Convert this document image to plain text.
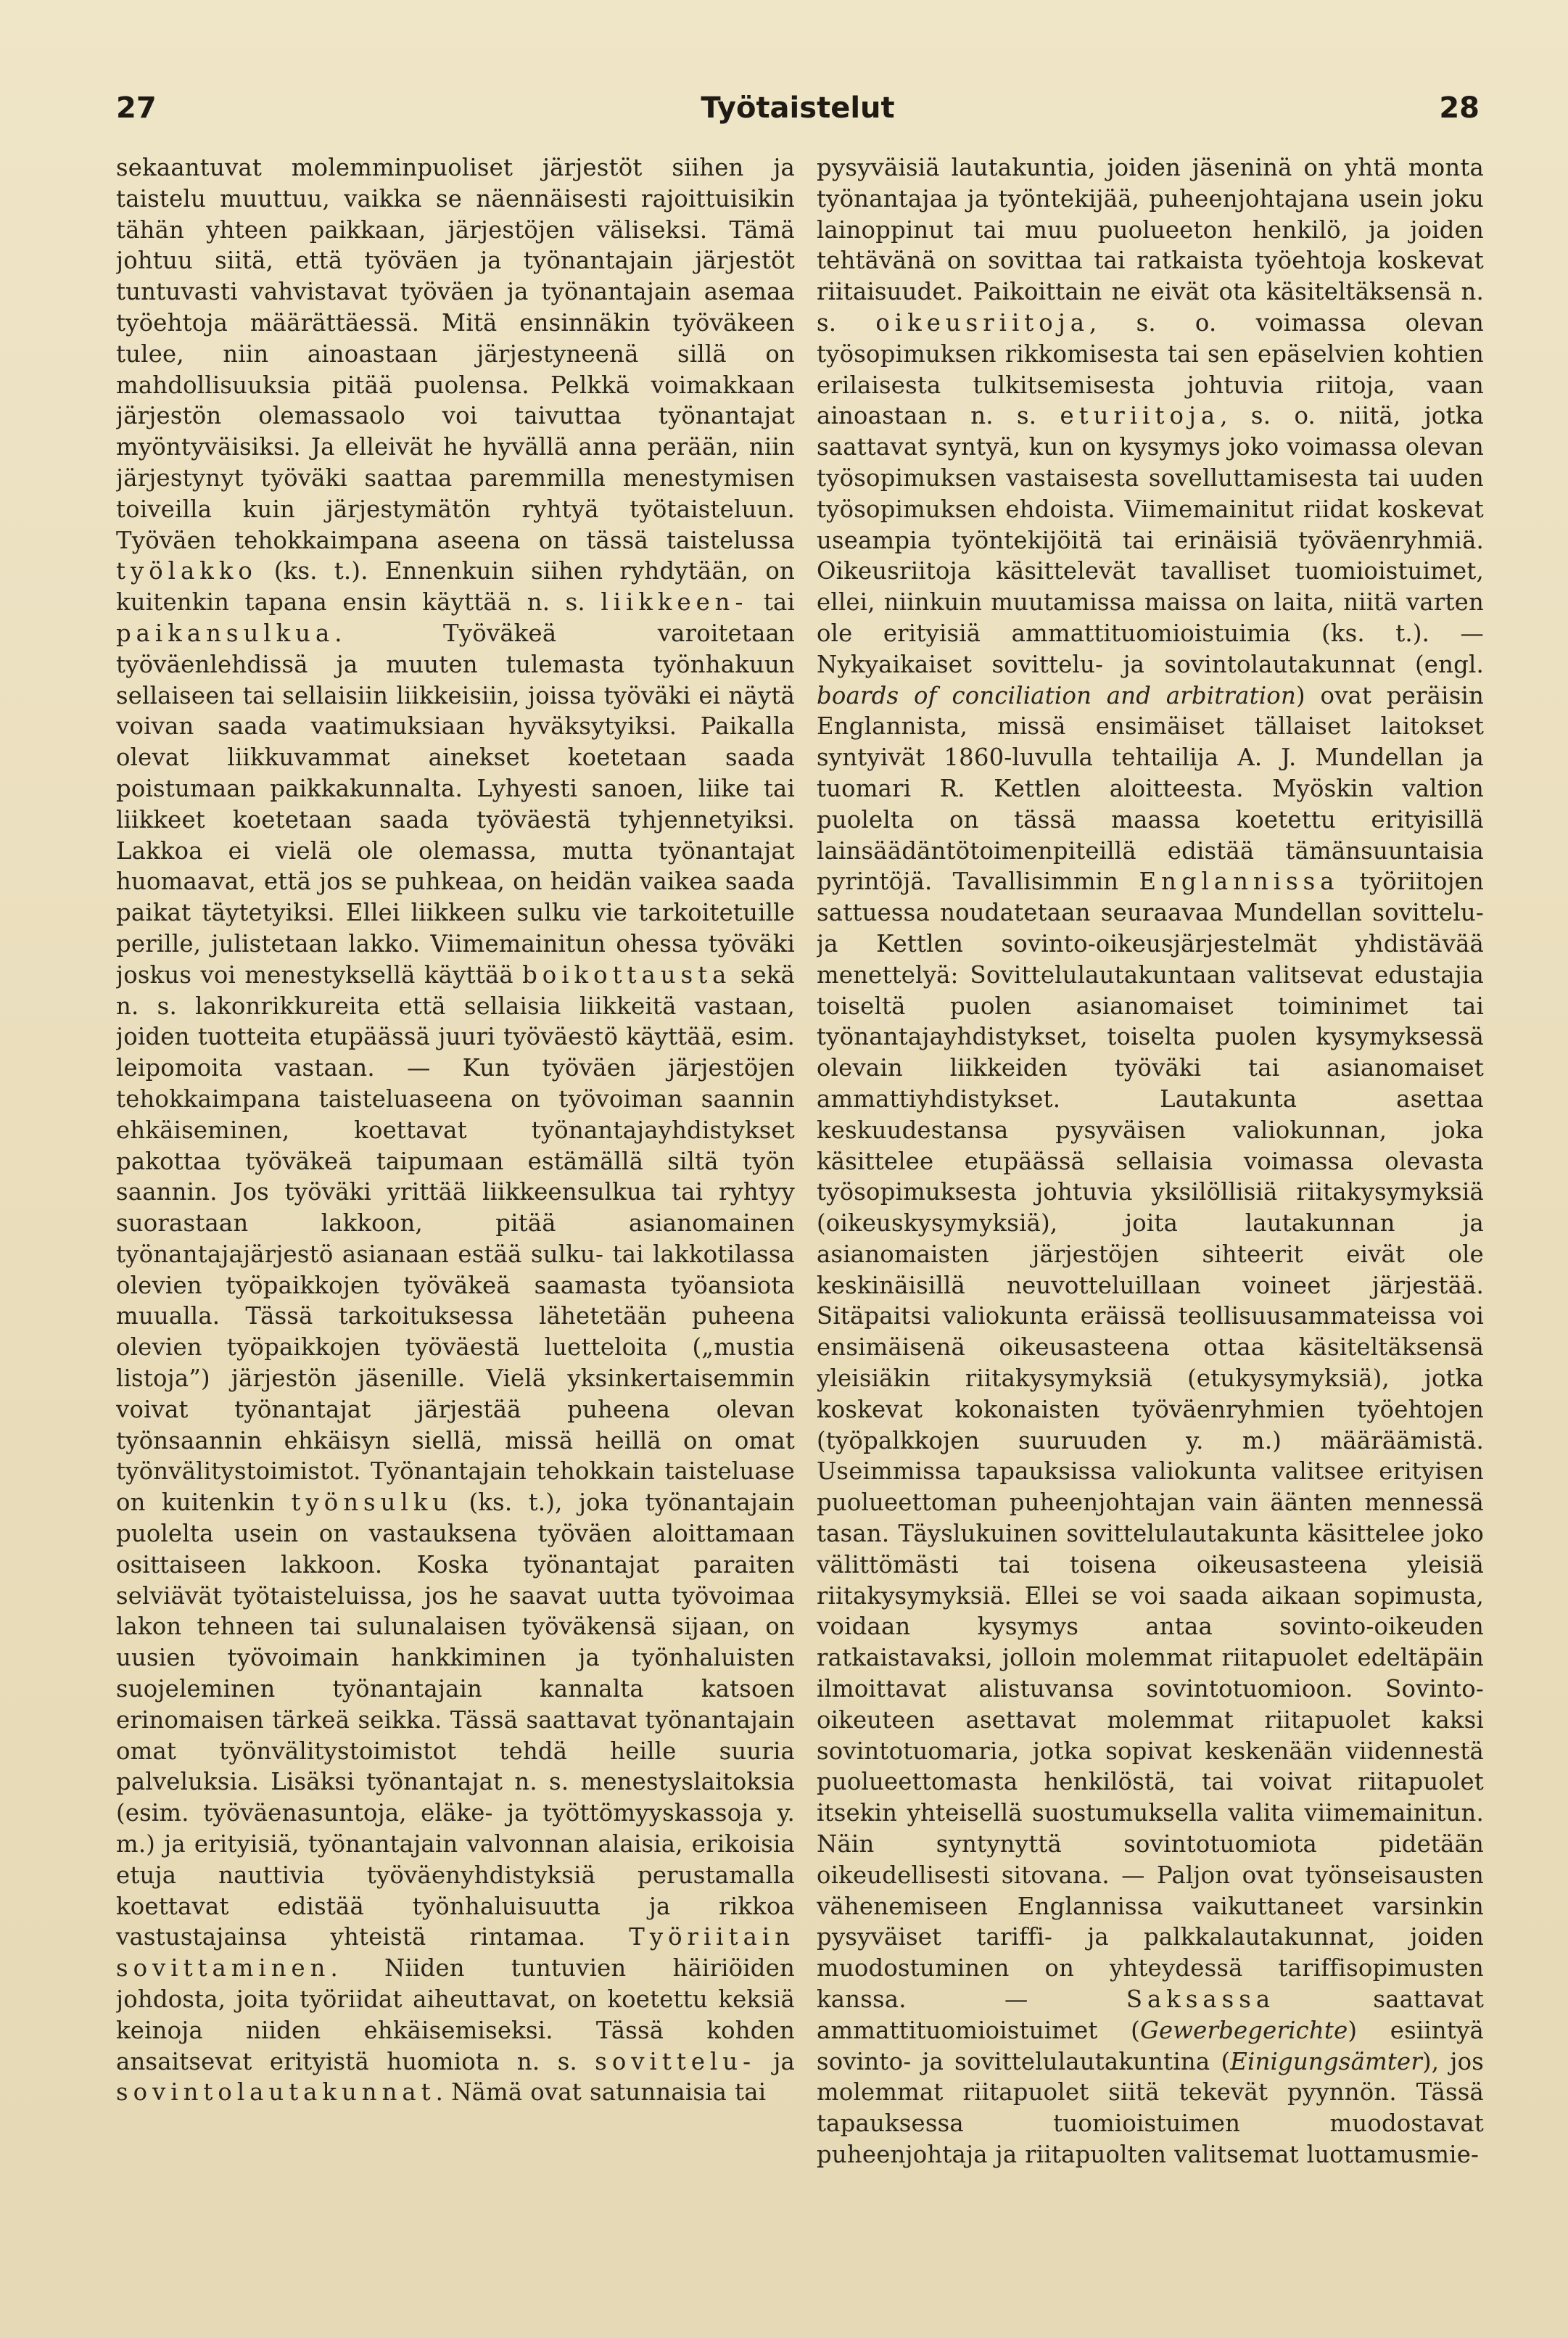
27	Työtaistelut	28

sekaantuvat molemminpuoliset järjestöt siihen ja taistelu muuttuu, vaikka se näennäisesti rajoittuisikin tähän yhteen paikkaan, järjestöjen väliseksi. Tämä johtuu siitä, että työväen ja työnantajain järjestöt tuntuvasti vahvistavat työväen ja työnantajain asemaa työehtoja määrättäessä. Mitä ensinnäkin työväkeen tulee, niin ainoastaan järjestyneenä sillä on mahdollisuuksia pitää puolensa. Pelkkä voimakkaan järjestön olemassaolo voi taivuttaa työnantajat myöntyväisiksi. Ja elleivät he hyvällä anna perään, niin järjestynyt työväki saattaa paremmilla menestymisen toiveilla kuin järjestymätön ryhtyä työtaisteluun. Työväen tehokkaimpana aseena on tässä taistelussa työlakko (ks. t.). Ennenkuin siihen ryhdytään, on kuitenkin tapana ensin käyttää n. s. liikkeen- tai paikansulkua. Työväkeä varoitetaan työväenlehdissä ja muuten tulemasta työnhakuun sellaiseen tai sellaisiin liikkeisiin, joissa työväki ei näytä voivan saada vaatimuksiaan hyväksytyiksi. Paikalla olevat liikkuvammat ainekset koetetaan saada poistumaan paikkakunnalta. Lyhyesti sanoen, liike tai liikkeet koetetaan saada työväestä tyhjennetyiksi. Lakkoa ei vielä ole olemassa, mutta työnantajat huomaavat, että jos se puhkeaa, on heidän vaikea saada paikat täytetyiksi. Ellei liikkeen sulku vie tarkoitetuille perille, julistetaan lakko. Viimemainitun ohessa työväki joskus voi menestyksellä käyttää boikottausta sekä n. s. lakonrikkureita että sellaisia liikkeitä vastaan, joiden tuotteita etupäässä juuri työväestö käyttää, esim. leipomoita vastaan. — Kun työväen järjestöjen tehokkaimpana taisteluaseena on työvoiman saannin ehkäiseminen, koettavat työnantajayhdistykset pakottaa työväkeä taipumaan estämällä siltä työn saannin. Jos työväki yrittää liikkeensulkua tai ryhtyy suorastaan lakkoon, pitää asianomainen työnantajajärjestö asianaan estää sulku- tai lakkotilassa olevien työpaikkojen työväkeä saamasta työansiota muualla. Tässä tarkoituksessa lähetetään puheena olevien työpaikkojen työväestä luetteloita („mustia listoja”) järjestön jäsenille. Vielä yksinkertaisemmin voivat työnantajat järjestää puheena olevan työnsaannin ehkäisyn siellä, missä heillä on omat työnvälitystoimistot. Työnantajain tehokkain taisteluase on kuitenkin työnsulku (ks. t.), joka työnantajain puolelta usein on vastauksena työväen aloittamaan osittaiseen lakkoon. Koska työnantajat paraiten selviävät työtaisteluissa, jos he saavat uutta työvoimaa lakon tehneen tai sulunalaisen työväkensä sijaan, on uusien työvoimain hankkiminen ja työnhaluisten suojeleminen työnantajain kannalta katsoen erinomaisen tärkeä seikka. Tässä saattavat työnantajain omat työnvälitystoimistot tehdä heille suuria palveluksia. Lisäksi työnantajat n. s. menestyslaitoksia (esim. työväenasuntoja, eläke- ja työttömyyskassoja y. m.) ja erityisiä, työnantajain valvonnan alaisia, erikoisia etuja nauttivia työväenyhdistyksiä perustamalla koettavat edistää työnhaluisuutta ja rikkoa vastustajainsa yhteistä rintamaa. Työriitain sovittaminen. Niiden tuntuvien häiriöiden johdosta, joita työriidat aiheuttavat, on koetettu keksiä keinoja niiden ehkäisemiseksi. Tässä kohden ansaitsevat erityistä huomiota n. s. sovittelu- ja sovintolautakunnat. Nämä ovat satunnaisia tai

pysyväisiä lautakuntia, joiden jäseninä on yhtä monta työnantajaa ja työntekijää, puheenjohtajana usein joku lainoppinut tai muu puolueeton henkilö, ja joiden tehtävänä on sovittaa tai ratkaista työehtoja koskevat riitaisuudet. Paikoittain ne eivät ota käsiteltäksensä n. s. oikeusriitoja, s. o. voimassa olevan työsopimuksen rikkomisesta tai sen epäselvien kohtien erilaisesta tulkitsemisesta johtuvia riitoja, vaan ainoastaan n. s. eturiitoja, s. o. niitä, jotka saattavat syntyä, kun on kysymys joko voimassa olevan työsopimuksen vastaisesta sovelluttamisesta tai uuden työsopimuksen ehdoista. Viimemainitut riidat koskevat useampia työntekijöitä tai erinäisiä työväenryhmiä. Oikeusriitoja käsittelevät tavalliset tuomioistuimet, ellei, niinkuin muutamissa maissa on laita, niitä varten ole erityisiä ammattituomioistuimia (ks. t.). — Nykyaikaiset sovittelu- ja sovintolautakunnat (engl. boards of conciliation and arbitration) ovat peräisin Englannista, missä ensimäiset tällaiset laitokset syntyivät 1860-luvulla tehtailija A. J. Mundellan ja tuomari R. Kettlen aloitteesta. Myöskin valtion puolelta on tässä maassa koetettu erityisillä lainsäädäntötoimenpiteillä edistää tämänsuuntaisia pyrintöjä. Tavallisimmin Englannissa työriitojen sattuessa noudatetaan seuraavaa Mundellan sovittelu- ja Kettlen sovinto-oikeusjärjestelmät yhdistävää menettelyä: Sovittelulautakuntaan valitsevat edustajia toiseltä puolen asianomaiset toiminimet tai työnantajayhdistykset, toiselta puolen kysymyksessä olevain liikkeiden työväki tai asianomaiset ammattiyhdistykset. Lautakunta asettaa keskuudestansa pysyväisen valiokunnan, joka käsittelee etupäässä sellaisia voimassa olevasta työsopimuksesta johtuvia yksilöllisiä riitakysymyksiä (oikeuskysymyksiä), joita lautakunnan ja asianomaisten järjestöjen sihteerit eivät ole keskinäisillä neuvotteluillaan voineet järjestää. Sitäpaitsi valiokunta eräissä teollisuusammateissa voi ensimäisenä oikeusasteena ottaa käsiteltäksensä yleisiäkin riitakysymyksiä (etukysymyksiä), jotka koskevat kokonaisten työväenryhmien työehtojen (työpalkkojen suuruuden y. m.) määräämistä. Useimmissa tapauksissa valiokunta valitsee erityisen puolueettoman puheenjohtajan vain äänten mennessä tasan. Täyslukuinen sovittelulautakunta käsittelee joko välittömästi tai toisena oikeusasteena yleisiä riitakysymyksiä. Ellei se voi saada aikaan sopimusta, voidaan kysymys antaa sovinto-oikeuden ratkaistavaksi, jolloin molemmat riitapuolet edeltäpäin ilmoittavat alistuvansa sovintotuomioon. Sovinto-oikeuteen asettavat molemmat riitapuolet kaksi sovintotuomaria, jotka sopivat keskenään viidennestä puolueettomasta henkilöstä, tai voivat riitapuolet itsekin yhteisellä suostumuksella valita viimemainitun. Näin syntynyttä sovintotuomiota pidetään oikeudellisesti sitovana. — Paljon ovat työnseisausten vähenemiseen Englannissa vaikuttaneet varsinkin pysyväiset tariffi- ja palkkalautakunnat, joiden muodostuminen on yhteydessä tariffisopimusten kanssa. — Saksassa saattavat ammattituomioistuimet (Gewerbegerichte) esiintyä sovinto- ja sovittelulautakuntina (Einigungsämter), jos molemmat riitapuolet siitä tekevät pyynnön. Tässä tapauksessa tuomioistuimen muodostavat puheenjohtaja ja riitapuolten valitsemat luottamusmie-
